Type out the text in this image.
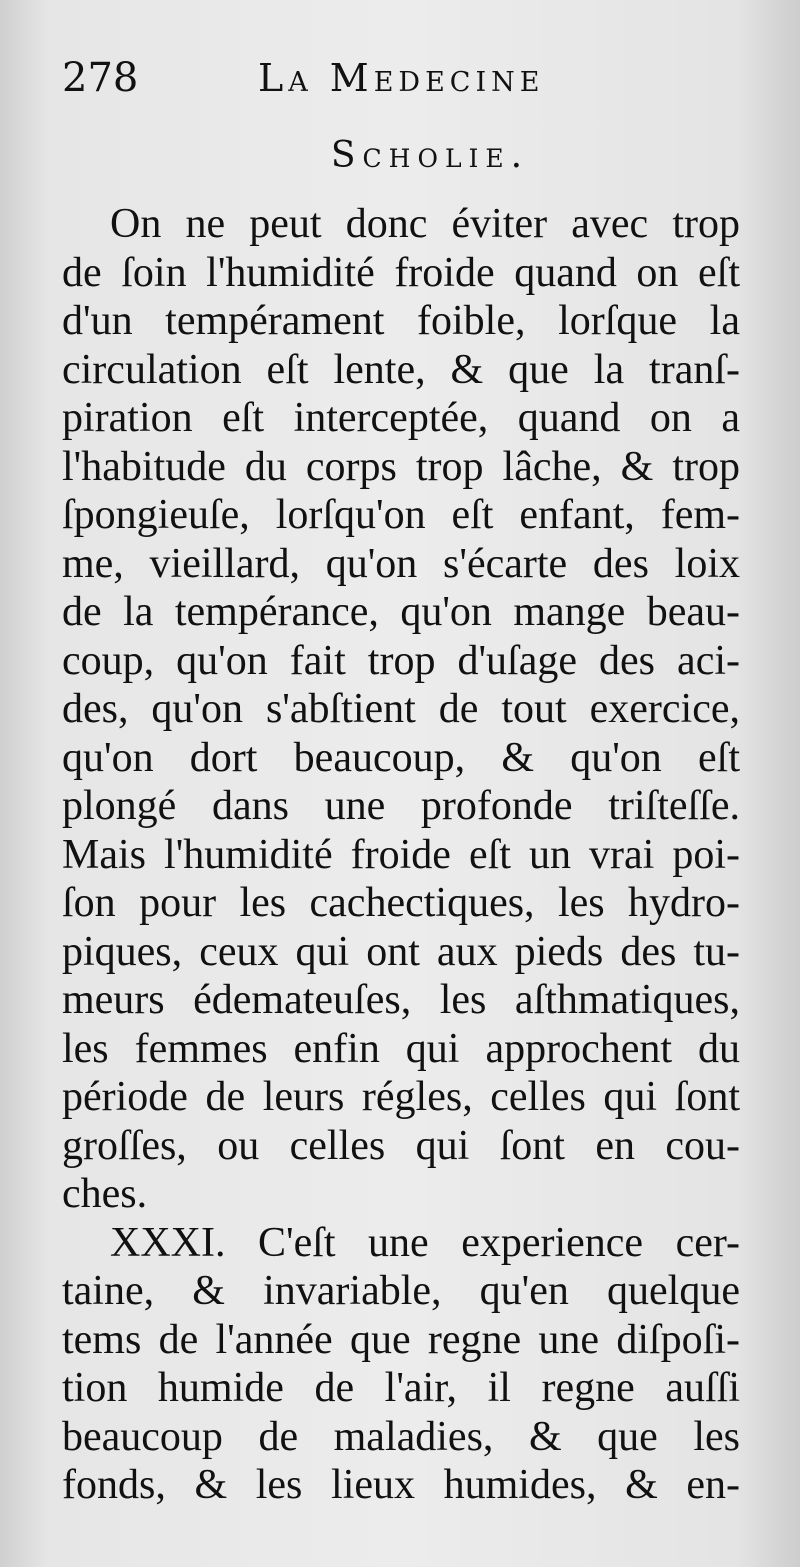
278	La Medecine
Scholie.
On ne peut donc éviter avec trop
de ſoin l'humidité froide quand on eſt
d'un tempérament foible, lorſque la
circulation eſt lente, & que la tranſ-
piration eſt interceptée, quand on a
l'habitude du corps trop lâche, & trop
ſpongieuſe, lorſqu'on eſt enfant, fem-
me, vieillard, qu'on s'écarte des loix
de la tempérance, qu'on mange beau-
coup, qu'on fait trop d'uſage des aci-
des, qu'on s'abſtient de tout exercice,
qu'on dort beaucoup, & qu'on eſt
plongé dans une profonde triſteſſe.
Mais l'humidité froide eſt un vrai poi-
ſon pour les cachectiques, les hydro-
piques, ceux qui ont aux pieds des tu-
meurs édemateuſes, les aſthmatiques,
les femmes enfin qui approchent du
période de leurs régles, celles qui ſont
groſſes, ou celles qui ſont en cou-
ches.
XXXI. C'eſt une experience cer-
taine, & invariable, qu'en quelque
tems de l'année que regne une diſpoſi-
tion humide de l'air, il regne auſſi
beaucoup de maladies, & que les
fonds, & les lieux humides, & en-
